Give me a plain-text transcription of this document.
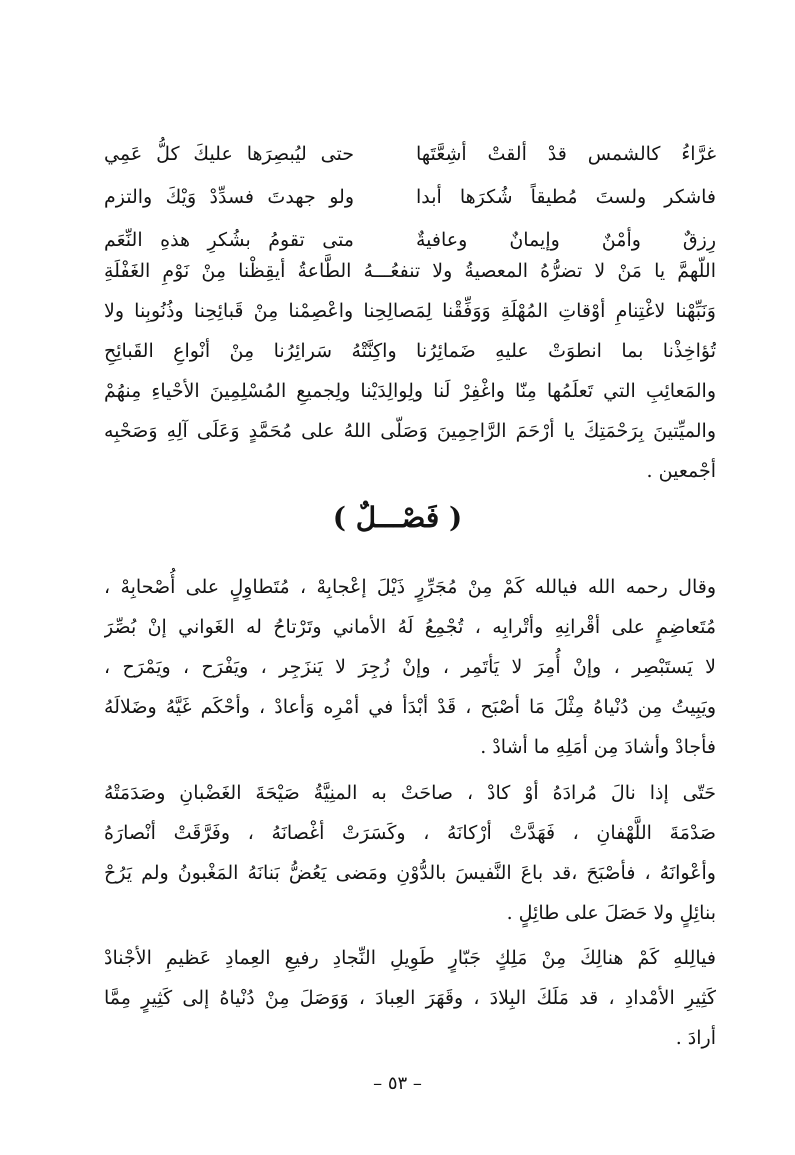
غرَّاءُ كالشمس قدْ ألقتْ أشِعَّتَها
حتى ليُبصِرَها عليكَ كلُّ عَمِي
فاشكر ولستَ مُطيقاً شُكرَها أبدا
ولو جهدتَ فسدِّدْ وَيْكَ والتزم
رِزقٌ وأمْنٌ وإيمانٌ وعافيةٌ
متى تقومُ بشُكرِ هذهِ النِّعَم
اللّهمَّ يا مَنْ لا تضرُّهُ المعصيةُ ولا تنفعُـــهُ الطَّاعةُ أيقِظْنا مِنْ نَوْمِ الغَفْلَةِ
وَنَبِّهْنا لاغْتِنامِ أوْقاتِ المُهْلَةِ وَوَفِّقْنا لِمَصالِحِنا واعْصِمْنا مِنْ قَبائِحِنا وذُنُوبِنا ولا
تُؤاخِذْنا بما انطوَتْ عليهِ ضَمائِرُنا واكِنَّتْهُ سَرائِرُنا مِنْ أنْواعِ القَبائِحِ
والمَعائِبِ التي تَعلَمُها مِنّا واغْفِرْ لَنا ولِوالِدَيْنا ولِجميعِ المُسْلِمِينَ الأحْياءِ مِنهُمْ
والميِّتينَ بِرَحْمَتِكَ يا أرْحَمَ الرَّاحِمِينَ وَصَلّى اللهُ على مُحَمَّدٍ وَعَلَى آلِهِ وَصَحْبِه
أجْمعين .
( فَصْـــلٌ )
وقال رحمه الله فيالله كَمْ مِنْ مُجَرِّرٍ ذَيْلَ إعْجابِهْ ، مُتَطاوِلٍ على أُصْحابِهْ ،
مُتَعاضِمٍ على أقْرانِهِ وأتْرابِه ، تُجْمِعُ لَهُ الأماني وتَرْتاحُ له الغَواني إنْ بُصِّرَ
لا يَستَبْصِر ، وإنْ أُمِرَ لا يَأتَمِر ، وإنْ زُجِرَ لا يَنزَجِر ، ويَفْرَح ، ويَمْرَح ،
ويَبِيتُ مِن دُنْياهُ مِثْلَ مَا أصْبَح ، قَدْ أبْدَأ في أمْرِه وَأعادْ ، وأحْكَم غَيَّهُ وضَلالَهُ
فأجادْ وأشادَ مِن أمَلِهِ ما أشادْ .
حَتّى إذا نالَ مُرادَهُ أوْ كادْ ، صاحَتْ به المنِيَّةُ صَيْحَةَ الغَضْبانِ وصَدَمَتْهُ
صَدْمَةَ اللَّهْفانِ ، فَهَدَّتْ أرْكانَهُ ، وكَسَرَتْ أغْصانَهُ ، وفَرَّقَتْ أنْصارَهُ
وأعْوانَهُ ، فأصْبَحَ ،قد باعَ النَّفيسَ بالدُّوْنِ ومَضى يَعُضُّ بَنانَهُ المَغْبونُ ولم يَرُحْ
بنائِلٍ ولا حَصَلَ على طائِلٍ .
فيالِلهِ كَمْ هنالِكَ مِنْ مَلِكٍ جَبّارٍ طَوِيلِ النِّجادِ رفيعِ العِمادِ عَظيمِ الأجْنادْ
كَثِيرِ الأمْدادِ ، قد مَلَكَ البِلادَ ، وقَهَرَ العِبادَ ، وَوَصَلَ مِنْ دُنْياهُ إلى كَثِيرٍ مِمَّا
أرادَ .
– ٥٣ –
